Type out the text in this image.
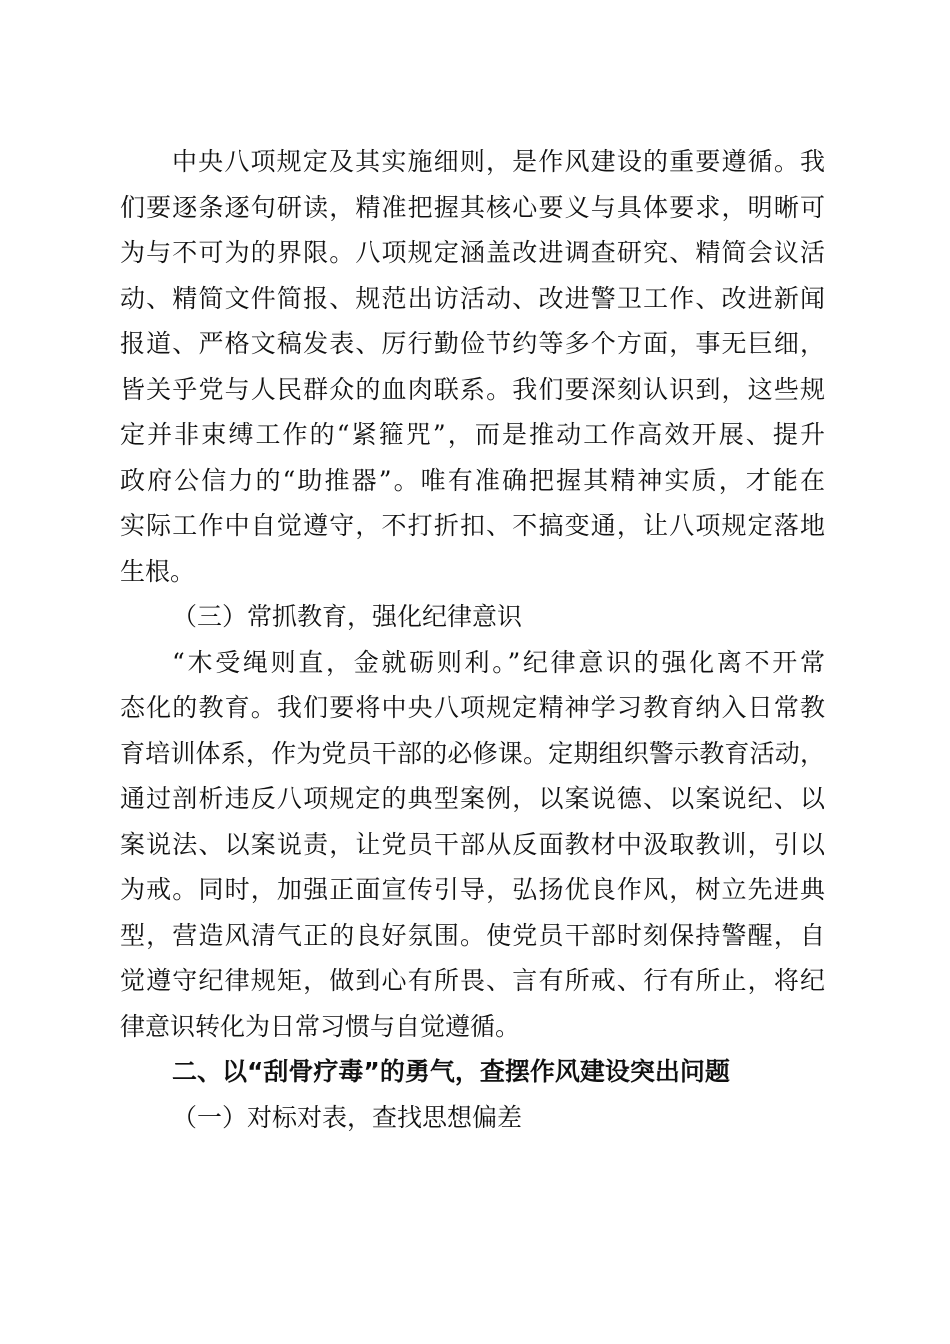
中央八项规定及其实施细则，是作风建设的重要遵循。我
们要逐条逐句研读，精准把握其核心要义与具体要求，明晰可
为与不可为的界限。八项规定涵盖改进调查研究、精简会议活
动、精简文件简报、规范出访活动、改进警卫工作、改进新闻
报道、严格文稿发表、厉行勤俭节约等多个方面，事无巨细，
皆关乎党与人民群众的血肉联系。我们要深刻认识到，这些规
定并非束缚工作的“紧箍咒”，而是推动工作高效开展、提升
政府公信力的“助推器”。唯有准确把握其精神实质，才能在
实际工作中自觉遵守，不打折扣、不搞变通，让八项规定落地
生根。
（三）常抓教育，强化纪律意识
“木受绳则直，金就砺则利。”纪律意识的强化离不开常
态化的教育。我们要将中央八项规定精神学习教育纳入日常教
育培训体系，作为党员干部的必修课。定期组织警示教育活动，
通过剖析违反八项规定的典型案例，以案说德、以案说纪、以
案说法、以案说责，让党员干部从反面教材中汲取教训，引以
为戒。同时，加强正面宣传引导，弘扬优良作风，树立先进典
型，营造风清气正的良好氛围。使党员干部时刻保持警醒，自
觉遵守纪律规矩，做到心有所畏、言有所戒、行有所止，将纪
律意识转化为日常习惯与自觉遵循。
二、以“刮骨疗毒”的勇气，查摆作风建设突出问题
（一）对标对表，查找思想偏差
